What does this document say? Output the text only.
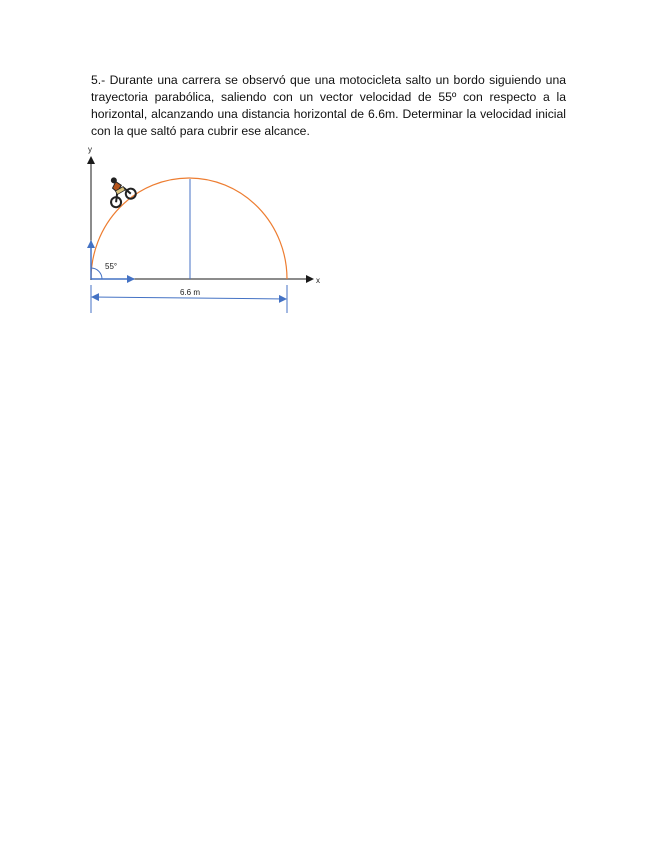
5.- Durante una carrera se observó que una motocicleta salto un bordo siguiendo una trayectoria parabólica, saliendo con un vector velocidad de 55º con respecto a la horizontal, alcanzando una distancia horizontal de 6.6m. Determinar la velocidad inicial con la que saltó para cubrir ese alcance.

y
x
55°
6.6 m
